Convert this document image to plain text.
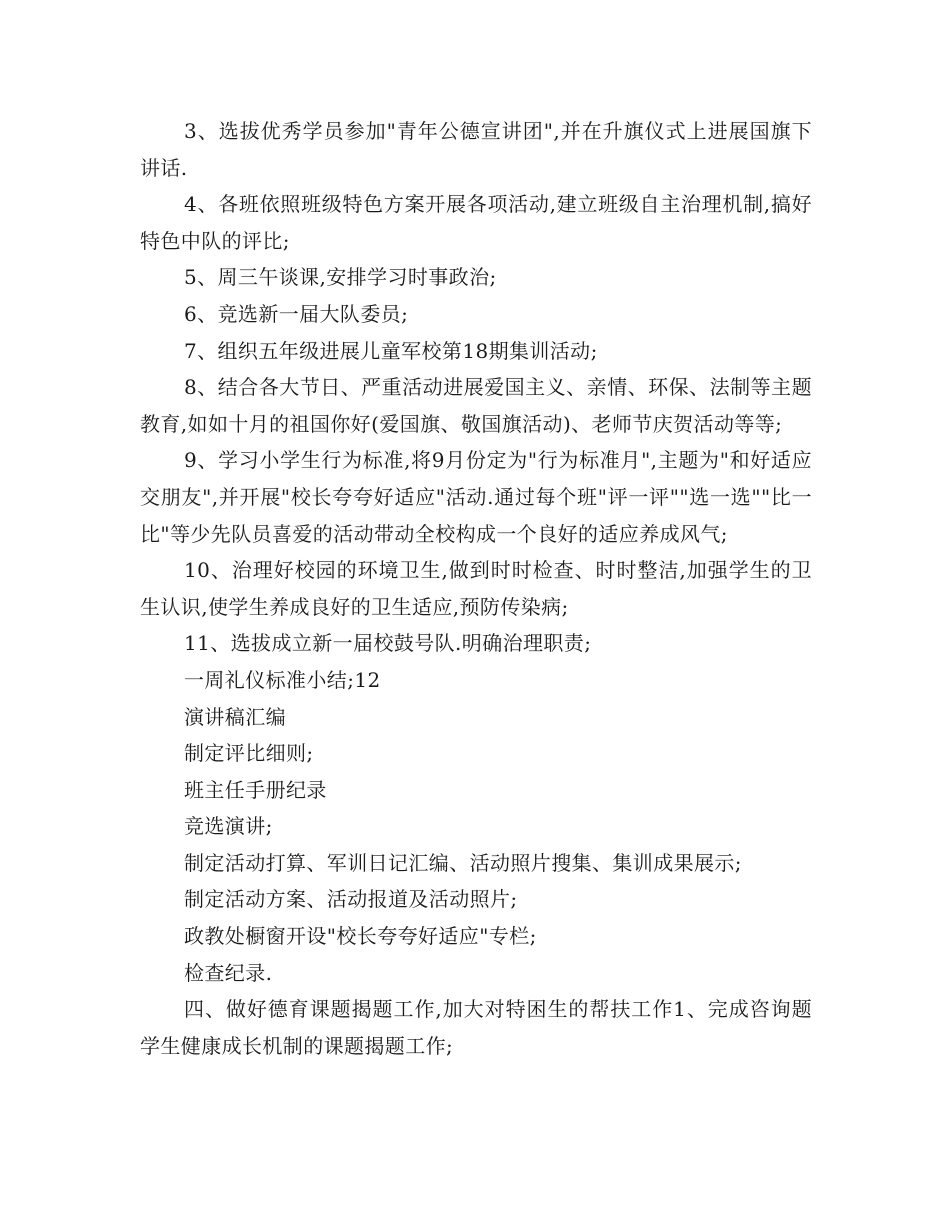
3、选拔优秀学员参加"青年公德宣讲团",并在升旗仪式上进展国旗下讲话.

4、各班依照班级特色方案开展各项活动,建立班级自主治理机制,搞好特色中队的评比;

5、周三午谈课,安排学习时事政治;

6、竞选新一届大队委员;

7、组织五年级进展儿童军校第18期集训活动;

8、结合各大节日、严重活动进展爱国主义、亲情、环保、法制等主题教育,如如十月的祖国你好(爱国旗、敬国旗活动)、老师节庆贺活动等等;

9、学习小学生行为标准,将9月份定为"行为标准月",主题为"和好适应交朋友",并开展"校长夸夸好适应"活动.通过每个班"评一评""选一选""比一比"等少先队员喜爱的活动带动全校构成一个良好的适应养成风气;

10、治理好校园的环境卫生,做到时时检查、时时整洁,加强学生的卫生认识,使学生养成良好的卫生适应,预防传染病;

11、选拔成立新一届校鼓号队.明确治理职责;

一周礼仪标准小结;12

演讲稿汇编

制定评比细则;

班主任手册纪录

竞选演讲;

制定活动打算、军训日记汇编、活动照片搜集、集训成果展示;

制定活动方案、活动报道及活动照片;

政教处橱窗开设"校长夸夸好适应"专栏;

检查纪录.

四、做好德育课题揭题工作,加大对特困生的帮扶工作1、完成咨询题学生健康成长机制的课题揭题工作;
